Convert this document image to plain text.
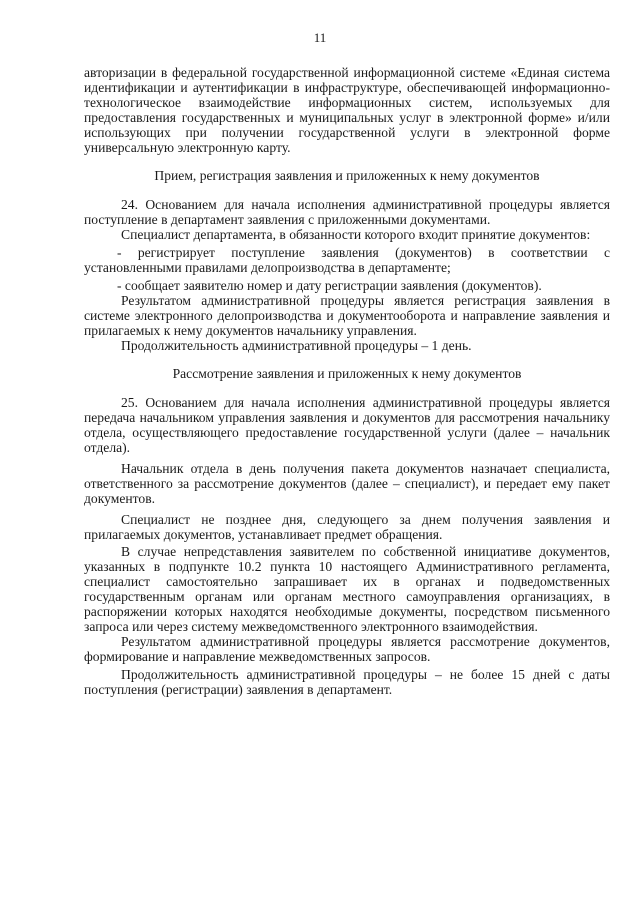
11

авторизации в федеральной государственной информационной системе «Единая система идентификации и аутентификации в инфраструктуре, обеспечивающей информационно-технологическое взаимодействие информационных систем, используемых для предоставления государственных и муниципальных услуг в электронной форме» и/или использующих при получении государственной услуги в электронной форме универсальную электронную карту.

Прием, регистрация заявления и приложенных к нему документов

24. Основанием для начала исполнения административной процедуры является поступление в департамент заявления с приложенными документами.

Специалист департамента, в обязанности которого входит принятие документов:

- регистрирует поступление заявления (документов) в соответствии с установленными правилами делопроизводства в департаменте;

- сообщает заявителю номер и дату регистрации заявления (документов).

Результатом административной процедуры является регистрация заявления в системе электронного делопроизводства и документооборота и направление заявления и прилагаемых к нему документов начальнику управления.

Продолжительность административной процедуры – 1 день.

Рассмотрение заявления и приложенных к нему документов

25. Основанием для начала исполнения административной процедуры является передача начальником управления заявления и документов для рассмотрения начальнику отдела, осуществляющего предоставление государственной услуги (далее – начальник отдела).

Начальник отдела в день получения пакета документов назначает специалиста, ответственного за рассмотрение документов (далее – специалист), и передает ему пакет документов.

Специалист не позднее дня, следующего за днем получения заявления и прилагаемых документов, устанавливает предмет обращения.

В случае непредставления заявителем по собственной инициативе документов, указанных в подпункте 10.2 пункта 10 настоящего Административного регламента, специалист самостоятельно запрашивает их в органах и подведомственных государственным органам или органам местного самоуправления организациях, в распоряжении которых находятся необходимые документы, посредством письменного запроса или через систему межведомственного электронного взаимодействия.

Результатом административной процедуры является рассмотрение документов, формирование и направление межведомственных запросов.

Продолжительность административной процедуры – не более 15 дней с даты поступления (регистрации) заявления в департамент.
